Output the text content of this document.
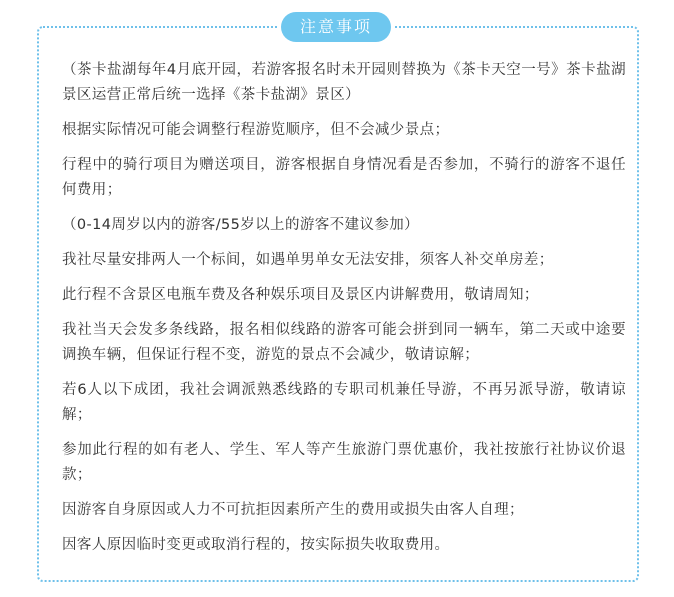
注意事项

（茶卡盐湖每年4月底开园，若游客报名时未开园则替换为《茶卡天空一号》茶卡盐湖景区运营正常后统一选择《茶卡盐湖》景区）

根据实际情况可能会调整行程游览顺序，但不会减少景点；

行程中的骑行项目为赠送项目，游客根据自身情况看是否参加，不骑行的游客不退任何费用；

（0-14周岁以内的游客/55岁以上的游客不建议参加）

我社尽量安排两人一个标间，如遇单男单女无法安排，须客人补交单房差；

此行程不含景区电瓶车费及各种娱乐项目及景区内讲解费用，敬请周知；

我社当天会发多条线路，报名相似线路的游客可能会拼到同一辆车，第二天或中途要调换车辆，但保证行程不变，游览的景点不会减少，敬请谅解；

若6人以下成团，我社会调派熟悉线路的专职司机兼任导游，不再另派导游，敬请谅解；

参加此行程的如有老人、学生、军人等产生旅游门票优惠价，我社按旅行社协议价退款；

因游客自身原因或人力不可抗拒因素所产生的费用或损失由客人自理；

因客人原因临时变更或取消行程的，按实际损失收取费用。
